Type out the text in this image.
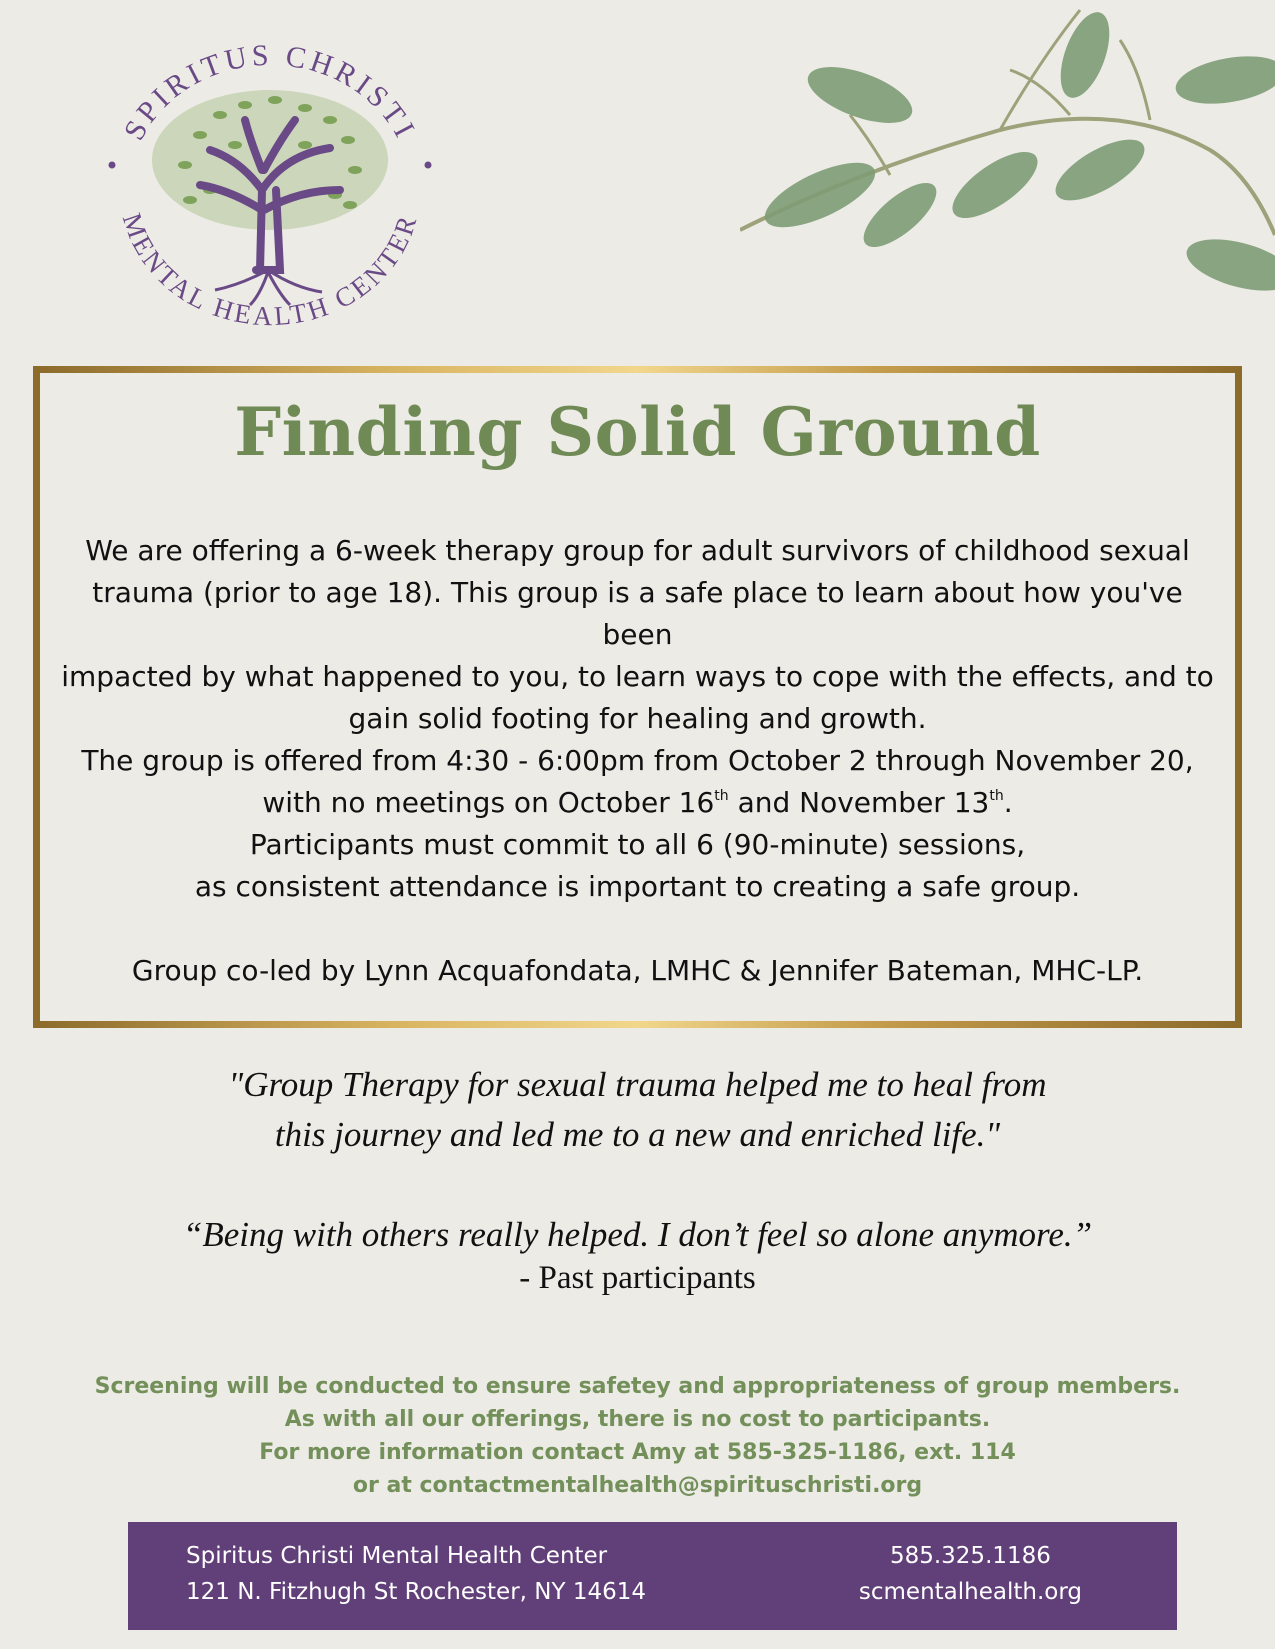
SPIRITUS CHRISTI
MENTAL HEALTH CENTER
Finding Solid Ground
We are offering a 6-week therapy group for adult survivors of childhood sexual
trauma (prior to age 18). This group is a safe place to learn about how you've been
impacted by what happened to you, to learn ways to cope with the effects, and to
gain solid footing for healing and growth.
The group is offered from 4:30 - 6:00pm from October 2 through November 20,
with no meetings on October 16th and November 13th.
Participants must commit to all 6 (90-minute) sessions,
as consistent attendance is important to creating a safe group.

Group co-led by Lynn Acquafondata, LMHC & Jennifer Bateman, MHC-LP.

"Group Therapy for sexual trauma helped me to heal from
this journey and led me to a new and enriched life."

“Being with others really helped. I don’t feel so alone anymore.”

- Past participants

Screening will be conducted to ensure safetey and appropriateness of group members.
As with all our offerings, there is no cost to participants.
For more information contact Amy at 585-325-1186, ext. 114
or at contactmentalhealth@spirituschristi.org
Spiritus Christi Mental Health Center
121 N. Fitzhugh St Rochester, NY 14614
585.325.1186
scmentalhealth.org
